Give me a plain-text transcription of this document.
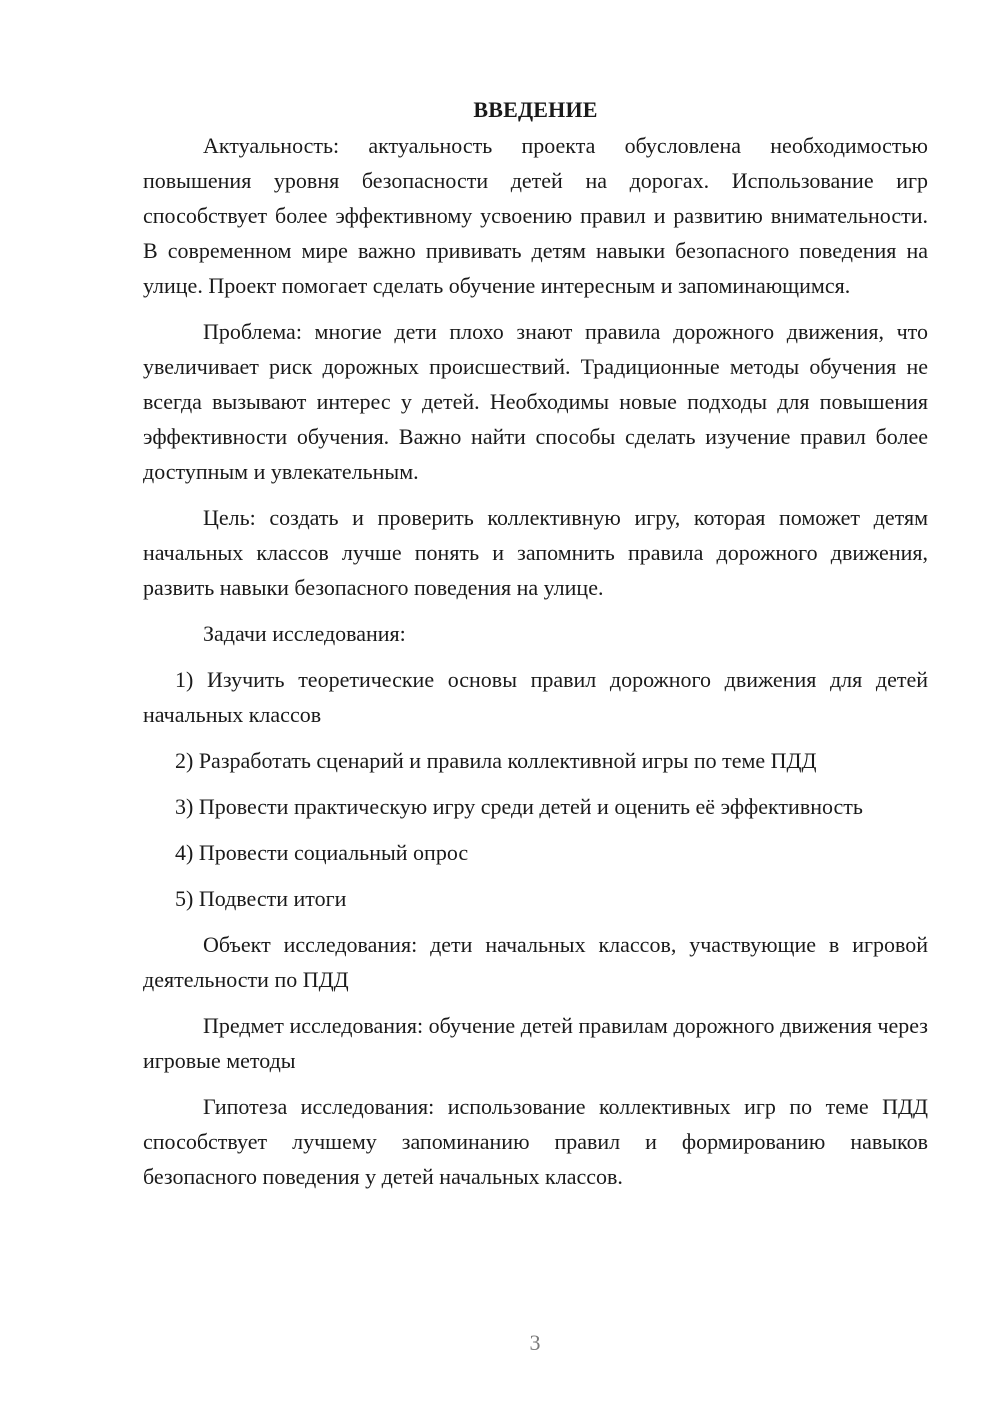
ВВЕДЕНИЕ

Актуальность: актуальность проекта обусловлена необходимостью повышения уровня безопасности детей на дорогах. Использование игр способствует более эффективному усвоению правил и развитию внимательности. В современном мире важно прививать детям навыки безопасного поведения на улице. Проект помогает сделать обучение интересным и запоминающимся.

Проблема: многие дети плохо знают правила дорожного движения, что увеличивает риск дорожных происшествий. Традиционные методы обучения не всегда вызывают интерес у детей. Необходимы новые подходы для повышения эффективности обучения. Важно найти способы сделать изучение правил более доступным и увлекательным.

Цель: создать и проверить коллективную игру, которая поможет детям начальных классов лучше понять и запомнить правила дорожного движения, развить навыки безопасного поведения на улице.

Задачи исследования:

1) Изучить теоретические основы правил дорожного движения для детей начальных классов

2) Разработать сценарий и правила коллективной игры по теме ПДД

3) Провести практическую игру среди детей и оценить её эффективность

4) Провести социальный опрос

5) Подвести итоги

Объект исследования: дети начальных классов, участвующие в игровой деятельности по ПДД

Предмет исследования: обучение детей правилам дорожного движения через игровые методы

Гипотеза исследования: использование коллективных игр по теме ПДД способствует лучшему запоминанию правил и формированию навыков безопасного поведения у детей начальных классов.

3
